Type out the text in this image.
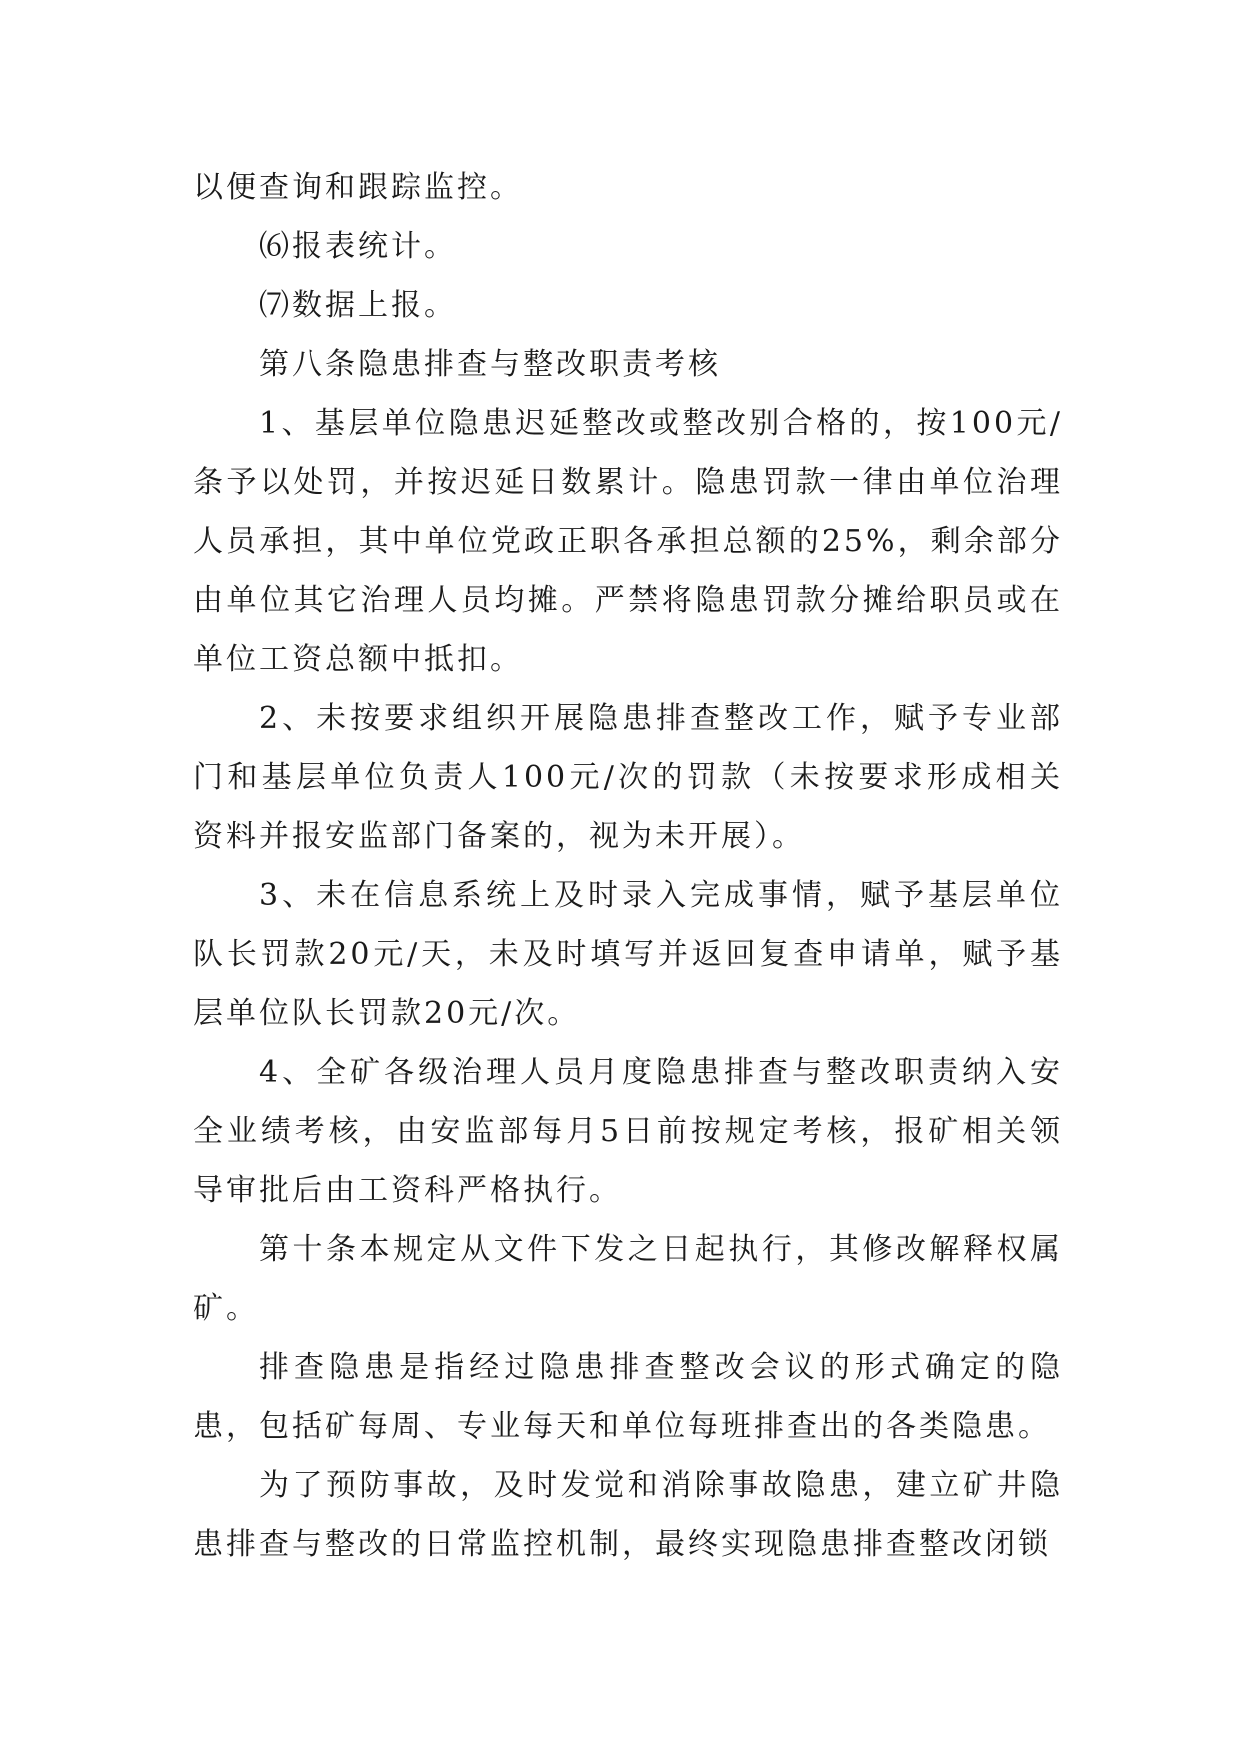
以便查询和跟踪监控。

⑹报表统计。

⑺数据上报。

第八条隐患排查与整改职责考核

1、基层单位隐患迟延整改或整改别合格的，按100元/条予以处罚，并按迟延日数累计。隐患罚款一律由单位治理人员承担，其中单位党政正职各承担总额的25%，剩余部分由单位其它治理人员均摊。严禁将隐患罚款分摊给职员或在单位工资总额中抵扣。

2、未按要求组织开展隐患排查整改工作，赋予专业部门和基层单位负责人100元/次的罚款（未按要求形成相关资料并报安监部门备案的，视为未开展）。

3、未在信息系统上及时录入完成事情，赋予基层单位队长罚款20元/天，未及时填写并返回复查申请单，赋予基层单位队长罚款20元/次。

4、全矿各级治理人员月度隐患排查与整改职责纳入安全业绩考核，由安监部每月5日前按规定考核，报矿相关领导审批后由工资科严格执行。

第十条本规定从文件下发之日起执行，其修改解释权属矿。

排查隐患是指经过隐患排查整改会议的形式确定的隐患，包括矿每周、专业每天和单位每班排查出的各类隐患。

为了预防事故，及时发觉和消除事故隐患，建立矿井隐患排查与整改的日常监控机制，最终实现隐患排查整改闭锁
